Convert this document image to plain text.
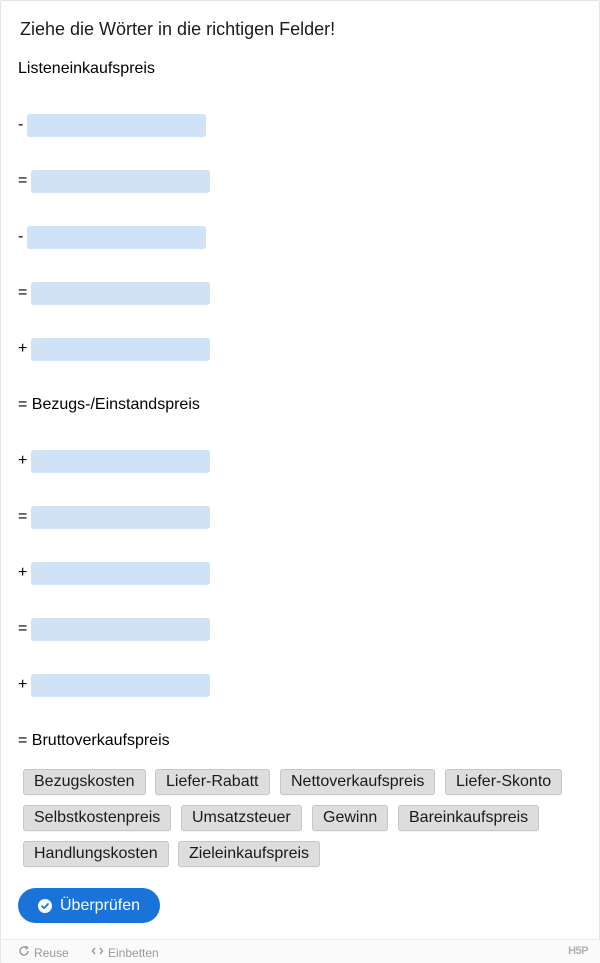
Ziehe die Wörter in die richtigen Felder!
Listeneinkaufspreis
-
=
-
=
+
= Bezugs-/Einstandspreis
+
=
+
=
+
= Bruttoverkaufspreis
Bezugskosten	Liefer-Rabatt	Nettoverkaufspreis	Liefer-Skonto
Selbstkostenpreis	Umsatzsteuer	Gewinn	Bareinkaufspreis
Handlungskosten	Zieleinkaufspreis
Überprüfen
Reuse	Einbetten	H5P
